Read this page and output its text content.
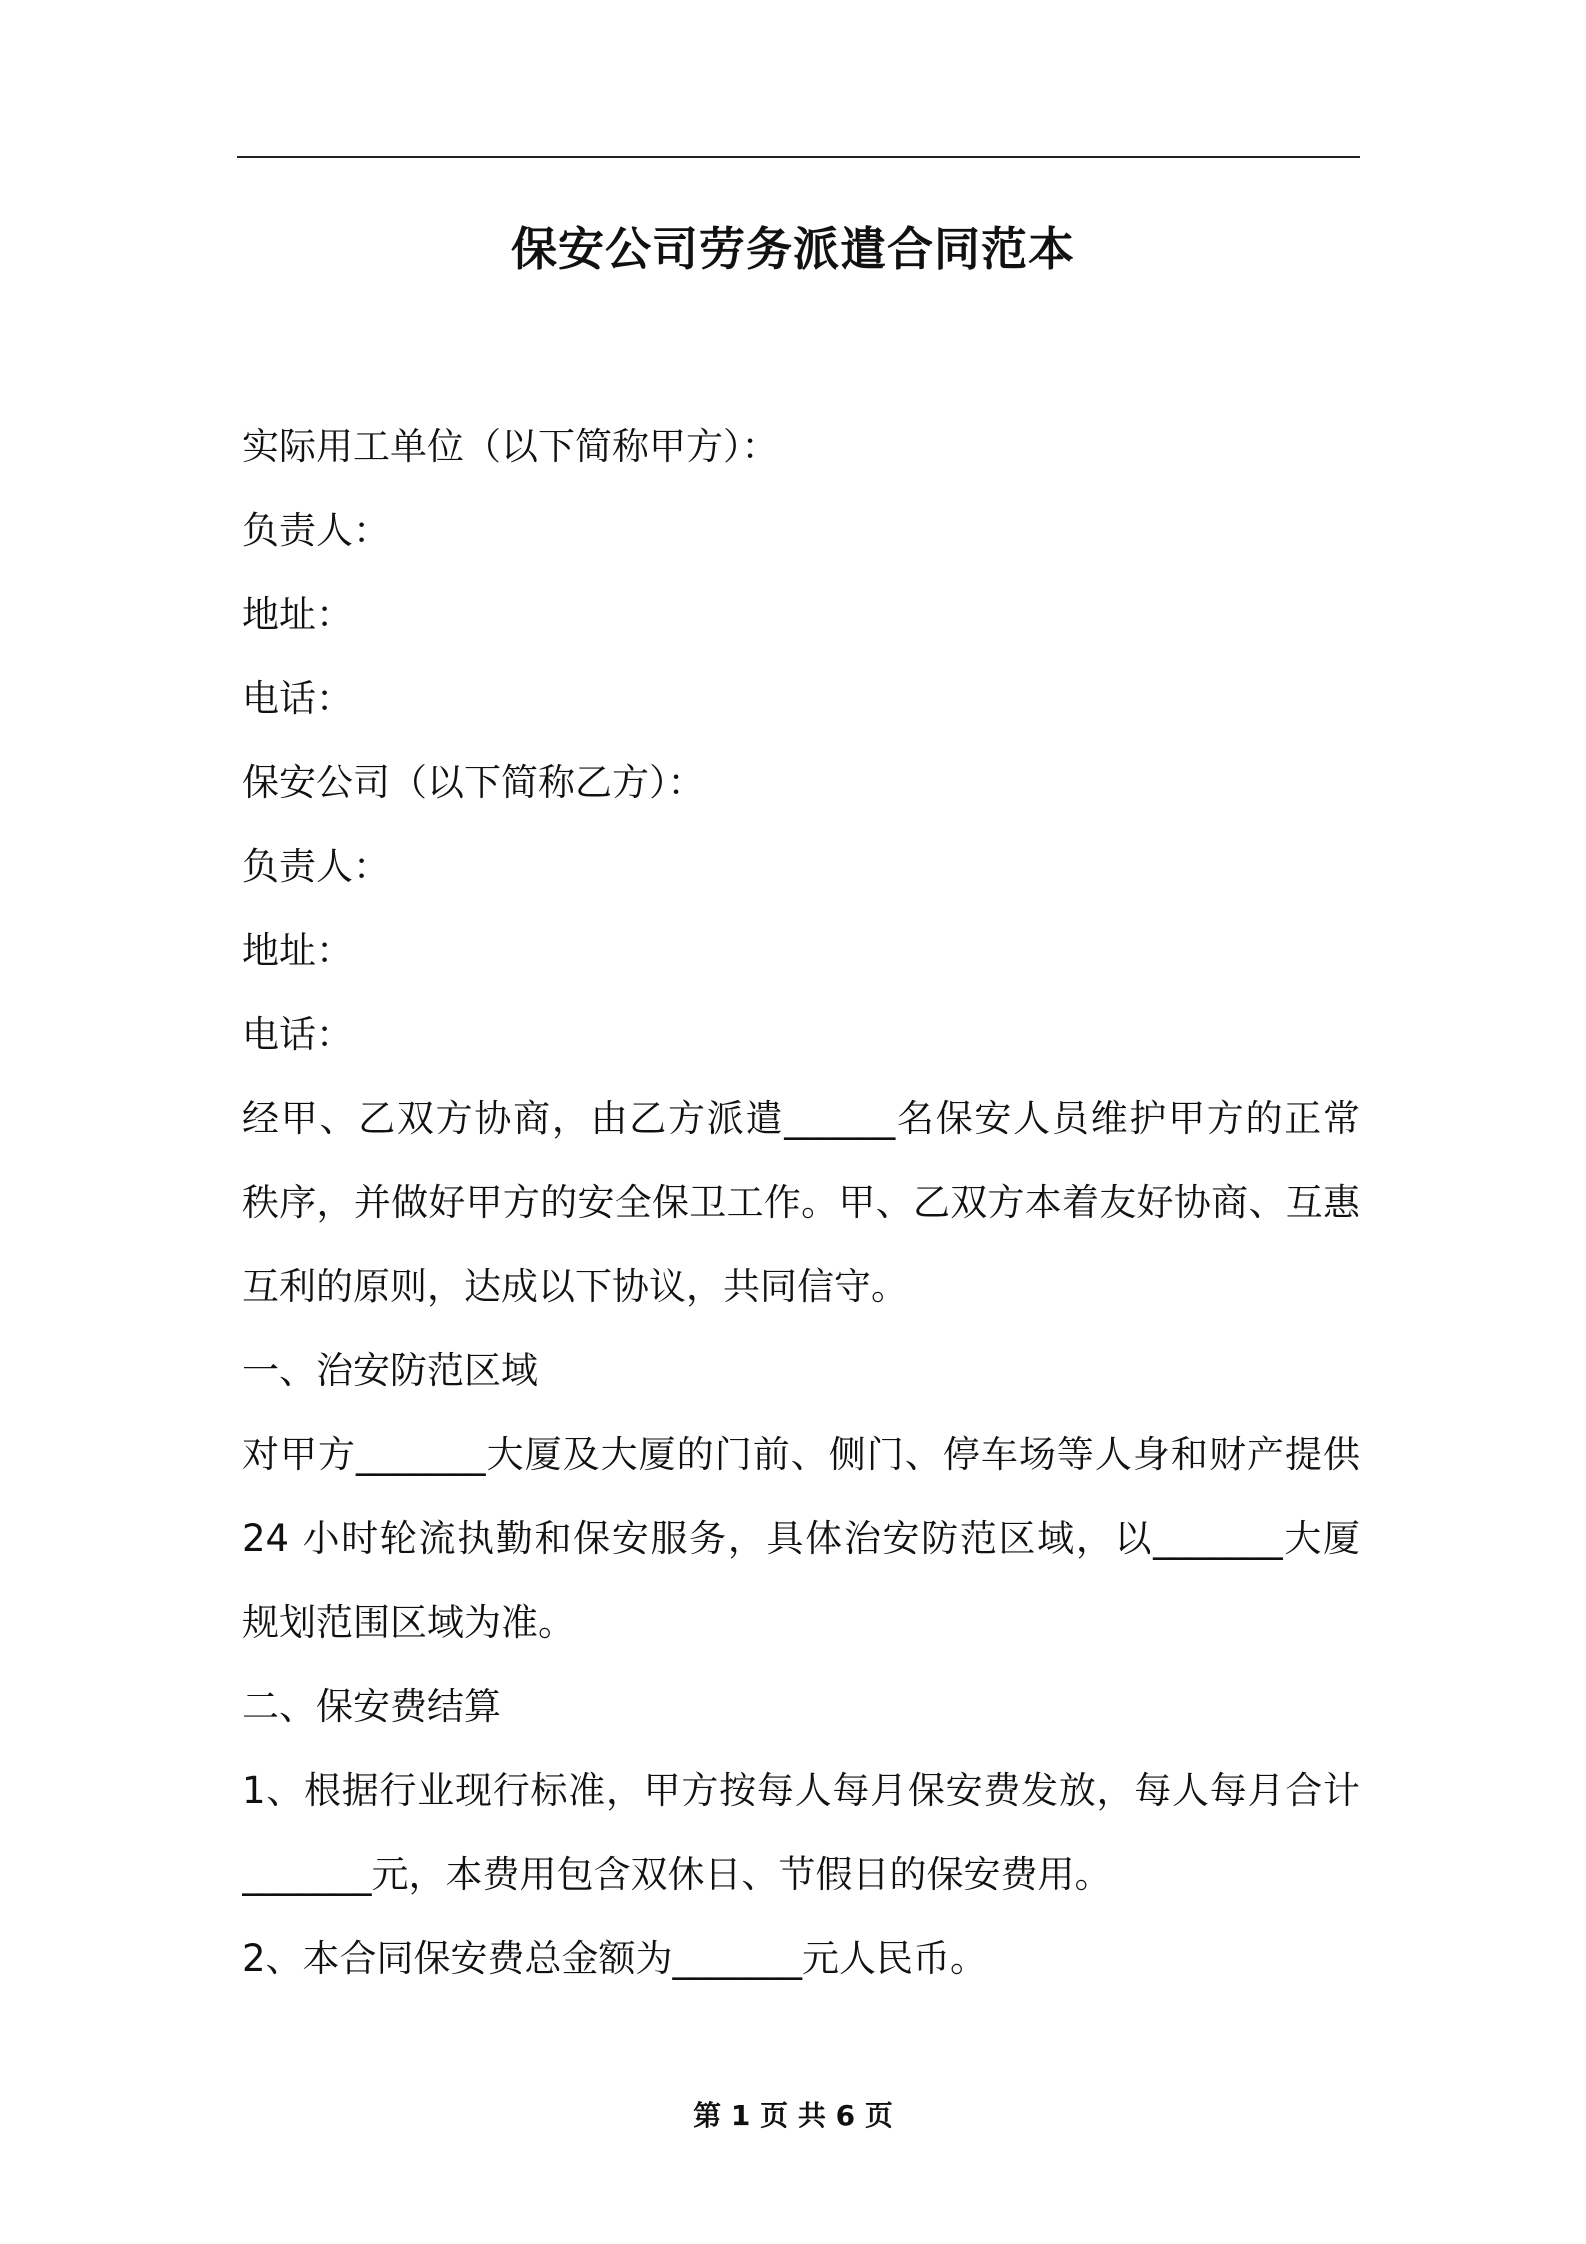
保安公司劳务派遣合同范本
实际用工单位（以下简称甲方）：
负责人：
地址：
电话：
保安公司（以下简称乙方）：
负责人：
地址：
电话：
经甲、乙双方协商，由乙方派遣______名保安人员维护甲方的正常
秩序，并做好甲方的安全保卫工作。甲、乙双方本着友好协商、互惠
互利的原则，达成以下协议，共同信守。
一、治安防范区域
对甲方_______大厦及大厦的门前、侧门、停车场等人身和财产提供
24 小时轮流执勤和保安服务，具体治安防范区域，以_______大厦
规划范围区域为准。
二、保安费结算
1、根据行业现行标准，甲方按每人每月保安费发放，每人每月合计
_______元，本费用包含双休日、节假日的保安费用。
2、本合同保安费总金额为_______元人民币。
第 1 页 共 6 页
